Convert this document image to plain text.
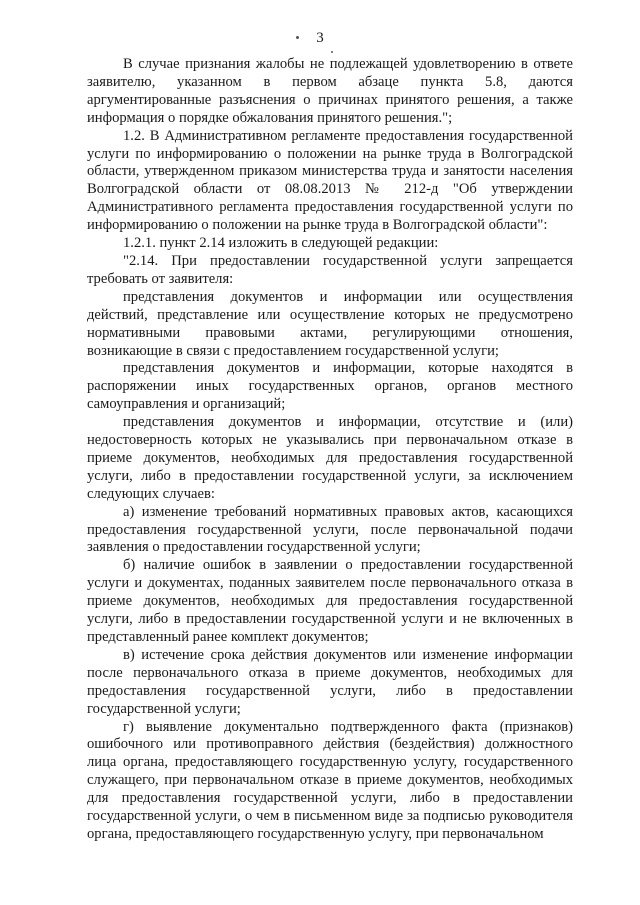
3

В случае признания жалобы не подлежащей удовлетворению в ответе заявителю, указанном в первом абзаце пункта 5.8, даются аргументированные разъяснения о причинах принятого решения, а также информация о порядке обжалования принятого решения.";

1.2. В Административном регламенте предоставления государственной услуги по информированию о положении на рынке труда в Волгоградской области, утвержденном приказом министерства труда и занятости населения Волгоградской области от 08.08.2013 № 212-д "Об утверждении Административного регламента предоставления государственной услуги по информированию о положении на рынке труда в Волгоградской области":

1.2.1. пункт 2.14 изложить в следующей редакции:

"2.14. При предоставлении государственной услуги запрещается требовать от заявителя:

представления документов и информации или осуществления действий, представление или осуществление которых не предусмотрено нормативными правовыми актами, регулирующими отношения, возникающие в связи с предоставлением государственной услуги;

представления документов и информации, которые находятся в распоряжении иных государственных органов, органов местного самоуправления и организаций;

представления документов и информации, отсутствие и (или) недостоверность которых не указывались при первоначальном отказе в приеме документов, необходимых для предоставления государственной услуги, либо в предоставлении государственной услуги, за исключением следующих случаев:

а) изменение требований нормативных правовых актов, касающихся предоставления государственной услуги, после первоначальной подачи заявления о предоставлении государственной услуги;

б) наличие ошибок в заявлении о предоставлении государственной услуги и документах, поданных заявителем после первоначального отказа в приеме документов, необходимых для предоставления государственной услуги, либо в предоставлении государственной услуги и не включенных в представленный ранее комплект документов;

в) истечение срока действия документов или изменение информации после первоначального отказа в приеме документов, необходимых для предоставления государственной услуги, либо в предоставлении государственной услуги;

г) выявление документально подтвержденного факта (признаков) ошибочного или противоправного действия (бездействия) должностного лица органа, предоставляющего государственную услугу, государственного служащего, при первоначальном отказе в приеме документов, необходимых для предоставления государственной услуги, либо в предоставлении государственной услуги, о чем в письменном виде за подписью руководителя органа, предоставляющего государственную услугу, при первоначальном
